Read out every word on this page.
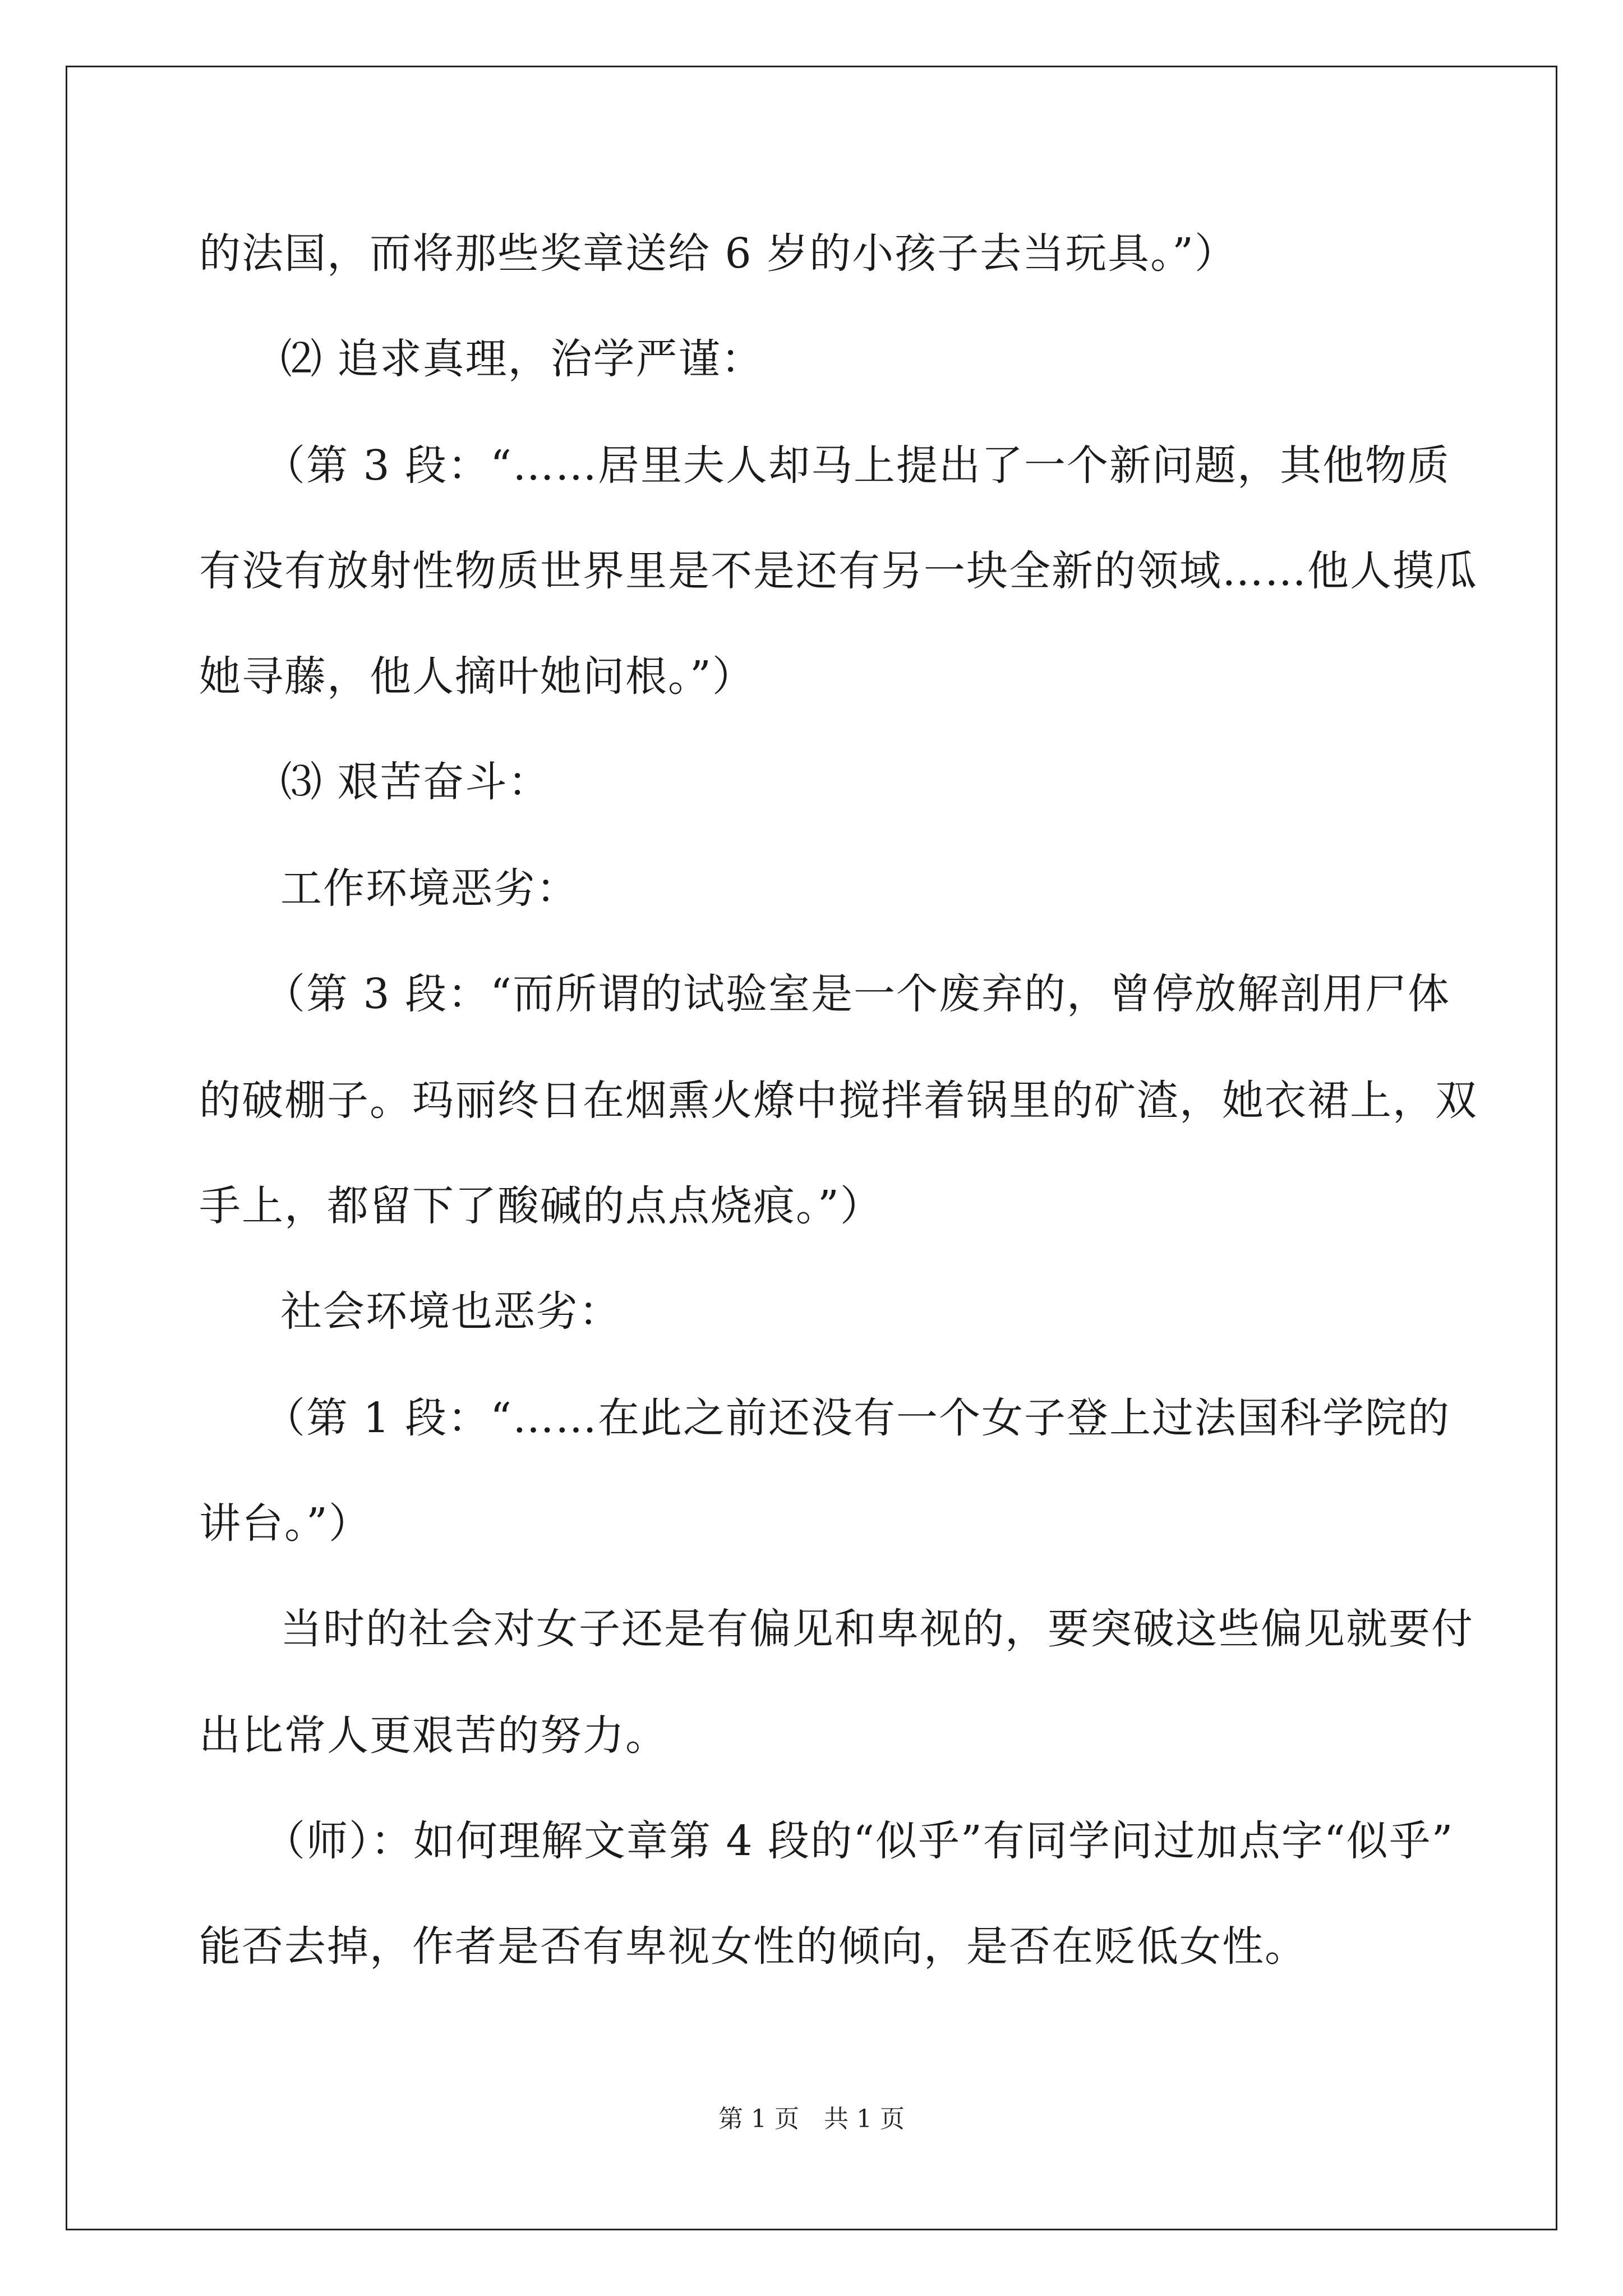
的法国，而将那些奖章送给 6 岁的小孩子去当玩具。”）
⑵ 追求真理，治学严谨：
（第 3 段：“……居里夫人却马上提出了一个新问题，其他物质
有没有放射性物质世界里是不是还有另一块全新的领域……他人摸瓜
她寻藤，他人摘叶她问根。”）
⑶ 艰苦奋斗：
工作环境恶劣：
（第 3 段：“而所谓的试验室是一个废弃的，曾停放解剖用尸体
的破棚子。玛丽终日在烟熏火燎中搅拌着锅里的矿渣，她衣裙上，双
手上，都留下了酸碱的点点烧痕。”）
社会环境也恶劣：
（第 1 段：“……在此之前还没有一个女子登上过法国科学院的
讲台。”）
当时的社会对女子还是有偏见和卑视的，要突破这些偏见就要付
出比常人更艰苦的努力。
（师）：如何理解文章第 4 段的“似乎”有同学问过加点字“似乎”
能否去掉，作者是否有卑视女性的倾向，是否在贬低女性。
第 1 页　共 1 页
